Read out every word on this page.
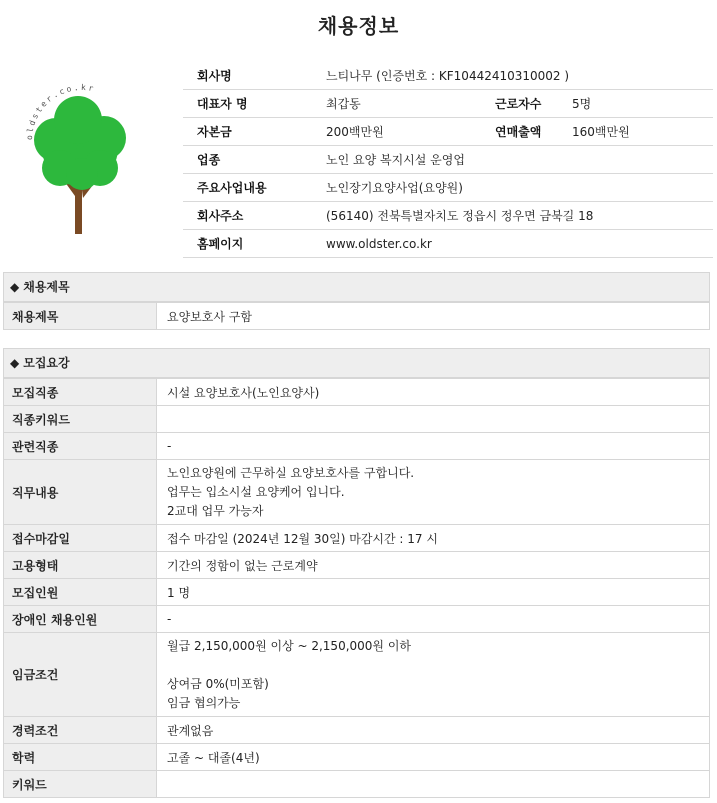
채용정보
oldster.co.kr
회사명	느티나무 (인증번호 : KF10442410310002 )		
대표자 명	최갑동	근로자수	5명
자본금	200백만원	연매출액	160백만원
업종	노인 요양 복지시설 운영업		
주요사업내용	노인장기요양사업(요양원)		
회사주소	(56140) 전북특별자치도 정읍시 정우면 금북길 18		
홈페이지	www.oldster.co.kr		
◆ 채용제목
채용제목	요양보호사 구함
◆ 모집요강
모집직종	시설 요양보호사(노인요양사)

직종키워드	

관련직종	-

직무내용	노인요양원에 근무하실 요양보호사를 구합니다.
업무는 입소시설 요양케어 입니다.
2교대 업무 가능자

접수마감일	접수 마감일 (2024년 12월 30일) 마감시간 : 17 시

고용형태	기간의 정함이 없는 근로계약

모집인원	1 명

장애인 채용인원	-

임금조건	월급 2,150,000원 이상 ~ 2,150,000원 이하
상여금 0%(미포함)
임금 협의가능

경력조건	관계없음

학력	고졸 ~ 대졸(4년)

키워드	
